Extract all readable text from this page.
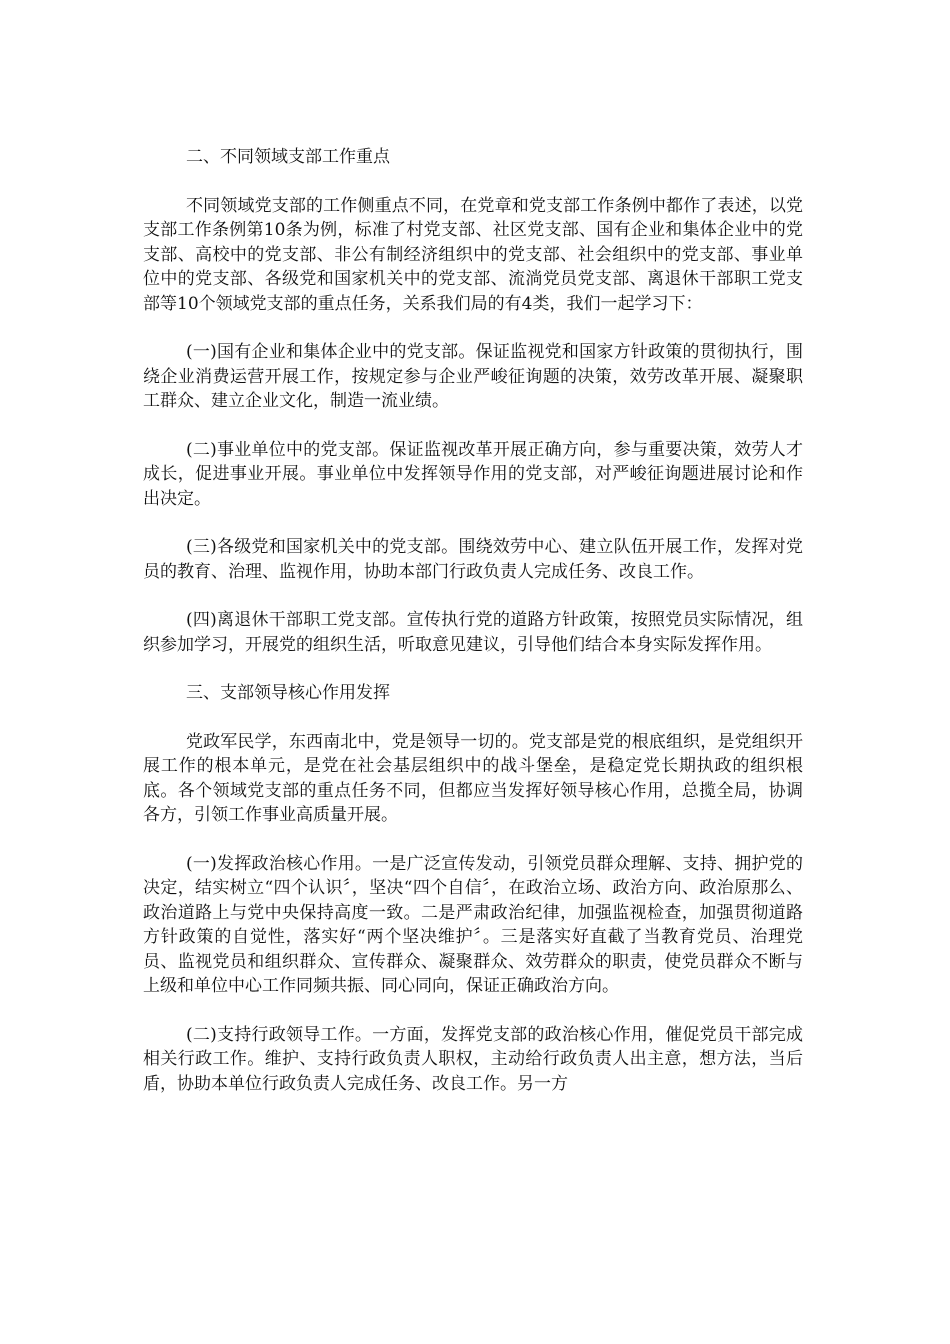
二、不同领域支部工作重点

不同领域党支部的工作侧重点不同，在党章和党支部工作条例中都作了表述，以党支部工作条例第10条为例，标准了村党支部、社区党支部、国有企业和集体企业中的党支部、高校中的党支部、非公有制经济组织中的党支部、社会组织中的党支部、事业单位中的党支部、各级党和国家机关中的党支部、流淌党员党支部、离退休干部职工党支部等10个领域党支部的重点任务，关系我们局的有4类，我们一起学习下：

(一)国有企业和集体企业中的党支部。保证监视党和国家方针政策的贯彻执行，围绕企业消费运营开展工作，按规定参与企业严峻征询题的决策，效劳改革开展、凝聚职工群众、建立企业文化，制造一流业绩。

(二)事业单位中的党支部。保证监视改革开展正确方向，参与重要决策，效劳人才成长，促进事业开展。事业单位中发挥领导作用的党支部，对严峻征询题进展讨论和作出决定。

(三)各级党和国家机关中的党支部。围绕效劳中心、建立队伍开展工作，发挥对党员的教育、治理、监视作用，协助本部门行政负责人完成任务、改良工作。

(四)离退休干部职工党支部。宣传执行党的道路方针政策，按照党员实际情况，组织参加学习，开展党的组织生活，听取意见建议，引导他们结合本身实际发挥作用。

三、支部领导核心作用发挥

党政军民学，东西南北中，党是领导一切的。党支部是党的根底组织，是党组织开展工作的根本单元，是党在社会基层组织中的战斗堡垒，是稳定党长期执政的组织根底。各个领域党支部的重点任务不同，但都应当发挥好领导核心作用，总揽全局，协调各方，引领工作事业高质量开展。

(一)发挥政治核心作用。一是广泛宣传发动，引领党员群众理解、支持、拥护党的决定，结实树立“四个认识〞，坚决“四个自信〞，在政治立场、政治方向、政治原那么、政治道路上与党中央保持高度一致。二是严肃政治纪律，加强监视检查，加强贯彻道路方针政策的自觉性，落实好“两个坚决维护〞。三是落实好直截了当教育党员、治理党员、监视党员和组织群众、宣传群众、凝聚群众、效劳群众的职责，使党员群众不断与上级和单位中心工作同频共振、同心同向，保证正确政治方向。

(二)支持行政领导工作。一方面，发挥党支部的政治核心作用，催促党员干部完成相关行政工作。维护、支持行政负责人职权，主动给行政负责人出主意，想方法，当后盾，协助本单位行政负责人完成任务、改良工作。另一方
